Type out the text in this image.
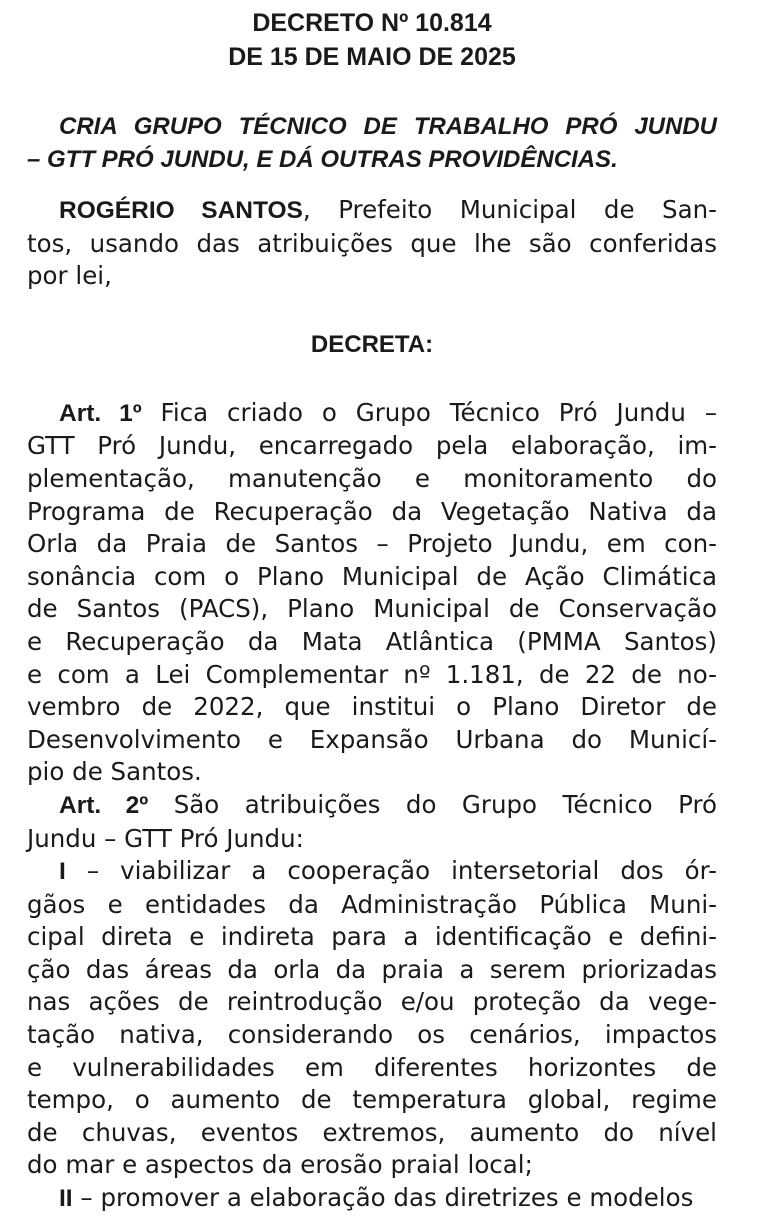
DECRETO Nº 10.814
DE 15 DE MAIO DE 2025
CRIA GRUPO TÉCNICO DE TRABALHO PRÓ JUNDU
– GTT PRÓ JUNDU, E DÁ OUTRAS PROVIDÊNCIAS.

ROGÉRIO SANTOS, Prefeito Municipal de San-
tos, usando das atribuições que lhe são conferidas
por lei,

DECRETA:

Art. 1º Fica criado o Grupo Técnico Pró Jundu –
GTT Pró Jundu, encarregado pela elaboração, im-
plementação, manutenção e monitoramento do
Programa de Recuperação da Vegetação Nativa da
Orla da Praia de Santos – Projeto Jundu, em con-
sonância com o Plano Municipal de Ação Climática
de Santos (PACS), Plano Municipal de Conservação
e Recuperação da Mata Atlântica (PMMA Santos)
e com a Lei Complementar nº 1.181, de 22 de no-
vembro de 2022, que institui o Plano Diretor de
Desenvolvimento e Expansão Urbana do Municí-
pio de Santos.

Art. 2º São atribuições do Grupo Técnico Pró
Jundu – GTT Pró Jundu:

I – viabilizar a cooperação intersetorial dos ór-
gãos e entidades da Administração Pública Muni-
cipal direta e indireta para a identificação e defini-
ção das áreas da orla da praia a serem priorizadas
nas ações de reintrodução e/ou proteção da vege-
tação nativa, considerando os cenários, impactos
e vulnerabilidades em diferentes horizontes de
tempo, o aumento de temperatura global, regime
de chuvas, eventos extremos, aumento do nível
do mar e aspectos da erosão praial local;

II – promover a elaboração das diretrizes e modelos
